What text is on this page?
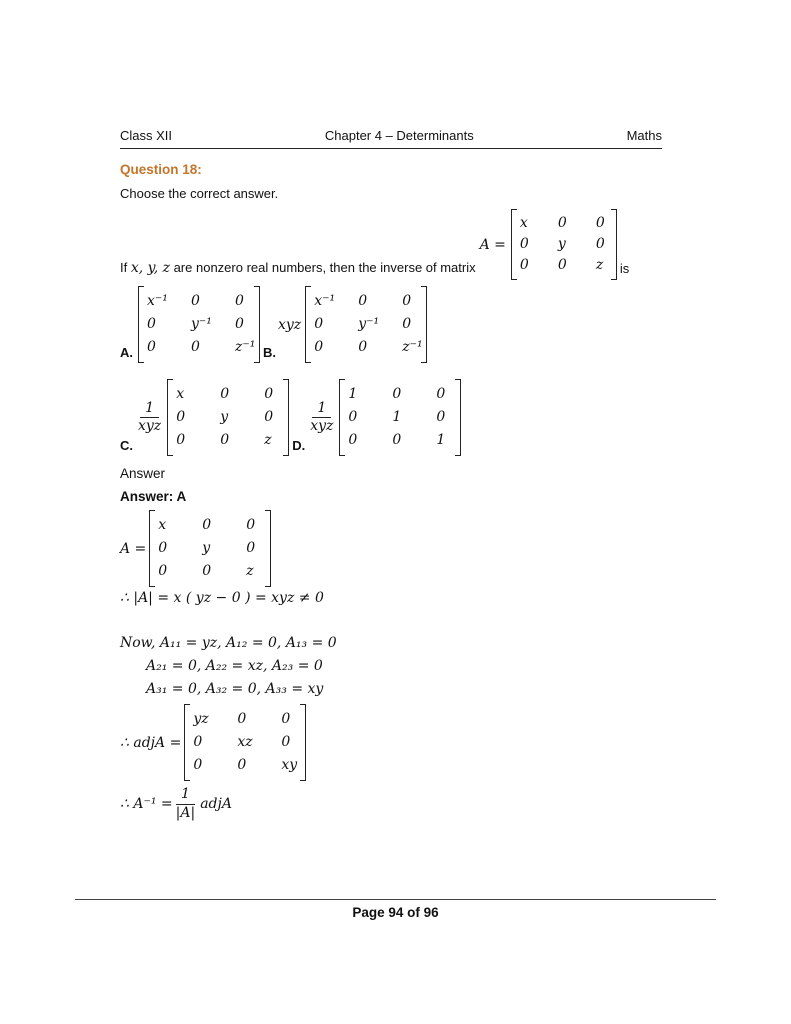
Class XII	Chapter 4 – Determinants	Maths
Question 18:
Choose the correct answer.
If x, y, z are nonzero real numbers, then the inverse of matrix
A =
x	0	0
0	y	0
0	0	z	is
A.
x⁻¹	0	0
0	y⁻¹	0
0	0	z⁻¹ B.
xyz
x⁻¹	0	0
0	y⁻¹	0
0	0	z⁻¹
C.
$\frac{1}{\text{xyz}}$
x	0	0
0	y	0
0	0	z	D.
$\frac{1}{\text{xyz}}$
1	0	0
0	1	0
0	0	1
Answer
Answer: A
A =
x	0	0
0	y	0
0	0	z
∴ |A| = x ( yz − 0 ) = xyz ≠ 0
Now, A₁₁ = yz, A₁₂ = 0, A₁₃ = 0
A₂₁ = 0, A₂₂ = xz, A₂₃ = 0
A₃₁ = 0, A₃₂ = 0, A₃₃ = xy
∴ adjA =
yz	0	0
0	xz	0
0	0	xy
∴ $A^{-1} = \frac{1}{|A|}$ adjA
Page 94 of 96
